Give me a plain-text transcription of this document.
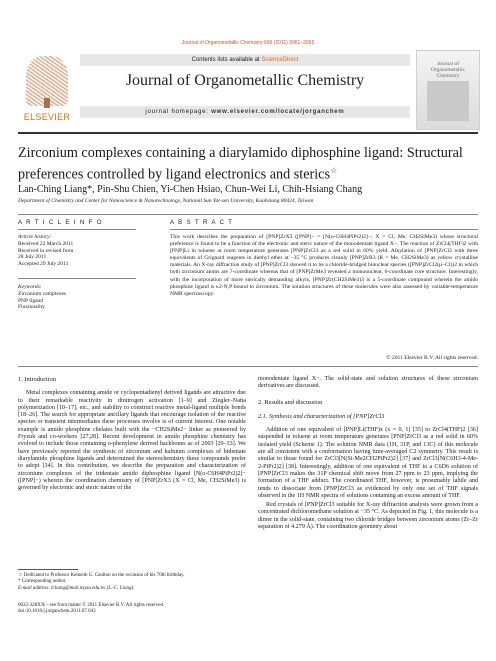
Journal of Organometallic Chemistry 696 (2011) 3961–3965
ELSEVIER
Contents lists available at ScienceDirect
Journal of Organometallic Chemistry
journal homepage: www.elsevier.com/locate/jorganchem
Journal of Organometallic Chemistry
Zirconium complexes containing a diarylamido diphosphine ligand: Structural preferences controlled by ligand electronics and sterics☆
Lan-Ching Liang*, Pin-Shu Chien, Yi-Chen Hsiao, Chun-Wei Li, Chih-Hsiang Chang
Department of Chemistry and Center for Nanoscience & Nanotechnology, National Sun Yat-sen University, Kaohsiung 80424, Taiwan
A R T I C L E I N F O	A B S T R A C T
Article history:
Received 22 March 2011
Received in revised form
28 July 2011
Accepted 29 July 2011
Keywords:
Zirconium complexes
PNP ligand
Fluxionality
This work describes the preparation of [PNP]ZrX3 ([PNP]− = [N(o-C6H4PiPr2)2]−; X = Cl, Me, CH2SiMe3) whose structural preference is found to be a function of the electronic and steric nature of the monodentate ligand X−. The reaction of ZrCl4(THF)2 with [PNP]Li in toluene at room temperature generates [PNP]ZrCl3 as a red solid in 60% yield. Alkylation of [PNP]ZrCl3 with three equivalents of Grignard reagents in diethyl ether at −35 °C produces cleanly [PNP]ZrR3 (R = Me, CH2SiMe3) as yellow crystalline materials. An X-ray diffraction study of [PNP]ZrCl3 showed it to be a chloride-bridged binuclear species ([PNP]ZrCl2(μ−Cl))2 in which both zirconium atoms are 7-coordinate whereas that of [PNP]ZrMe3 revealed a mononuclear, 6-coordinate core structure. Interestingly, with the incorporation of more sterically demanding alkyls, [PNP]Zr(CH2SiMe3)3 is a 5-coordinate compound wherein the amido phosphine ligand is κ2-N,P bound to zirconium. The solution structures of these molecules were also assessed by variable-temperature NMR spectroscopy.
© 2011 Elsevier B.V. All rights reserved.
1. Introduction

Metal complexes containing amide or cyclopentadienyl derived ligands are attractive due to their remarkable reactivity in dinitrogen activation [1–9] and Ziegler–Natta polymerization [10–17], etc., and stability to construct reactive metal-ligand multiple bonds [18–26]. The search for appropriate ancillary ligands that encourage isolation of the reactive species or transient intermediates these processes involve is of current interest. One notable example is amido phosphine chelates built with the −CH2SiMe2− linker as pioneered by Fryzuk and co-workers [27,28]. Recent development in amido phosphine chemistry has evolved to include those containing o-phenylene derived backbones as of 2003 [29–33]. We have previously reported the synthesis of zirconium and hafnium complexes of bidentate diarylamido phosphine ligands and determined the stereochemistry these compounds prefer to adopt [34]. In this contribution, we describe the preparation and characterization of zirconium complexes of the tridentate amido diphosphine ligand [N(o-C6H4PiPr2)2]− ([PNP]−) wherein the coordination chemistry of [PNP]ZrX3 (X = Cl, Me, CH2SiMe3) is governed by electronic and steric nature of the

monodentate ligand X−. The solid-state and solution structures of these zirconium derivatives are discussed.

2. Results and discussion
2.1. Synthesis and characterization of [PNP]ZrCl3

Addition of one equivalent of [PNP]Li(THF)x (x = 0, 1) [35] to ZrCl4(THF)2 [36] suspended in toluene at room temperature generates [PNP]ZrCl3 as a red solid in 60% isolated yield (Scheme 1). The solution NMR data (1H, 31P, and 13C) of this molecule are all consistent with a conformation having time-averaged C2 symmetry. This result is similar to those found for ZrCl3[N(Si-Me2CH2PiPr2)2] [37] and ZrCl3[N(C6H3-4-Me-2-PiPr2)2] [38]. Interestingly, addition of one equivalent of THF to a C6D6 solution of [PNP]ZrCl3 makes the 31P chemical shift move from 27 ppm to 23 ppm, implying the formation of a THF adduct. The coordinated THF, however, is presumably labile and tends to dissociate from [PNP]ZrCl3 as evidenced by only one set of THF signals observed in the 1H NMR spectra of solutions containing an excess amount of THF.

Red crystals of [PNP]ZrCl3 suitable for X-ray diffraction analysis were grown from a concentrated dichloromethane solution at −35 °C. As depicted in Fig. 1, this molecule is a dimer in the solid-state, containing two chloride bridges between zirconium atoms (Zr–Zr separation of 4.279 Å). The coordination geometry about

☆ Dedicated to Professor Kenneth G. Caulton on the occasion of his 70th birthday.
* Corresponding author.
E-mail address: lcliang@mail.nsysu.edu.tw (L.-C. Liang).
0022-328X/$ – see front matter © 2011 Elsevier B.V. All rights reserved.
doi:10.1016/j.jorganchem.2011.07.043
